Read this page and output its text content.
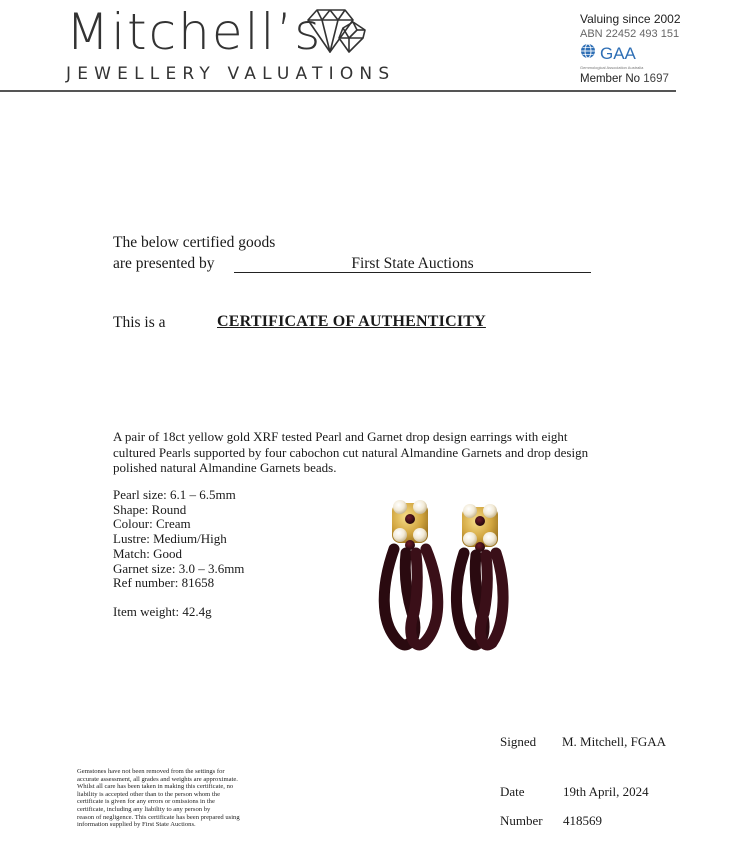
Mitchell’s
JEWELLERY VALUATIONS
Valuing since 2002
ABN 22452 493 151
GAA
Gemmological Association Australia
Member No 1697
The below certified goods
are presented by	First State Auctions
This is a	CERTIFICATE OF AUTHENTICITY
A pair of 18ct yellow gold XRF tested Pearl and Garnet drop design earrings with eight cultured Pearls supported by four cabochon cut natural Almandine Garnets and drop design polished natural Almandine Garnets beads.
Pearl size: 6.1 – 6.5mm
Shape: Round
Colour: Cream
Lustre: Medium/High
Match: Good
Garnet size: 3.0 – 3.6mm
Ref number: 81658
Item weight: 42.4g
Signed M. Mitchell, FGAA
Date	19th April, 2024
Number 418569
Gemstones have not been removed from the settings for
accurate assessment, all grades and weights are approximate.
Whilst all care has been taken in making this certificate, no
liability is accepted other than to the person whom the
certificate is given for any errors or omissions in the
certificate, including any liability to any person by
reason of negligence. This certificate has been prepared using
information supplied by First State Auctions.
